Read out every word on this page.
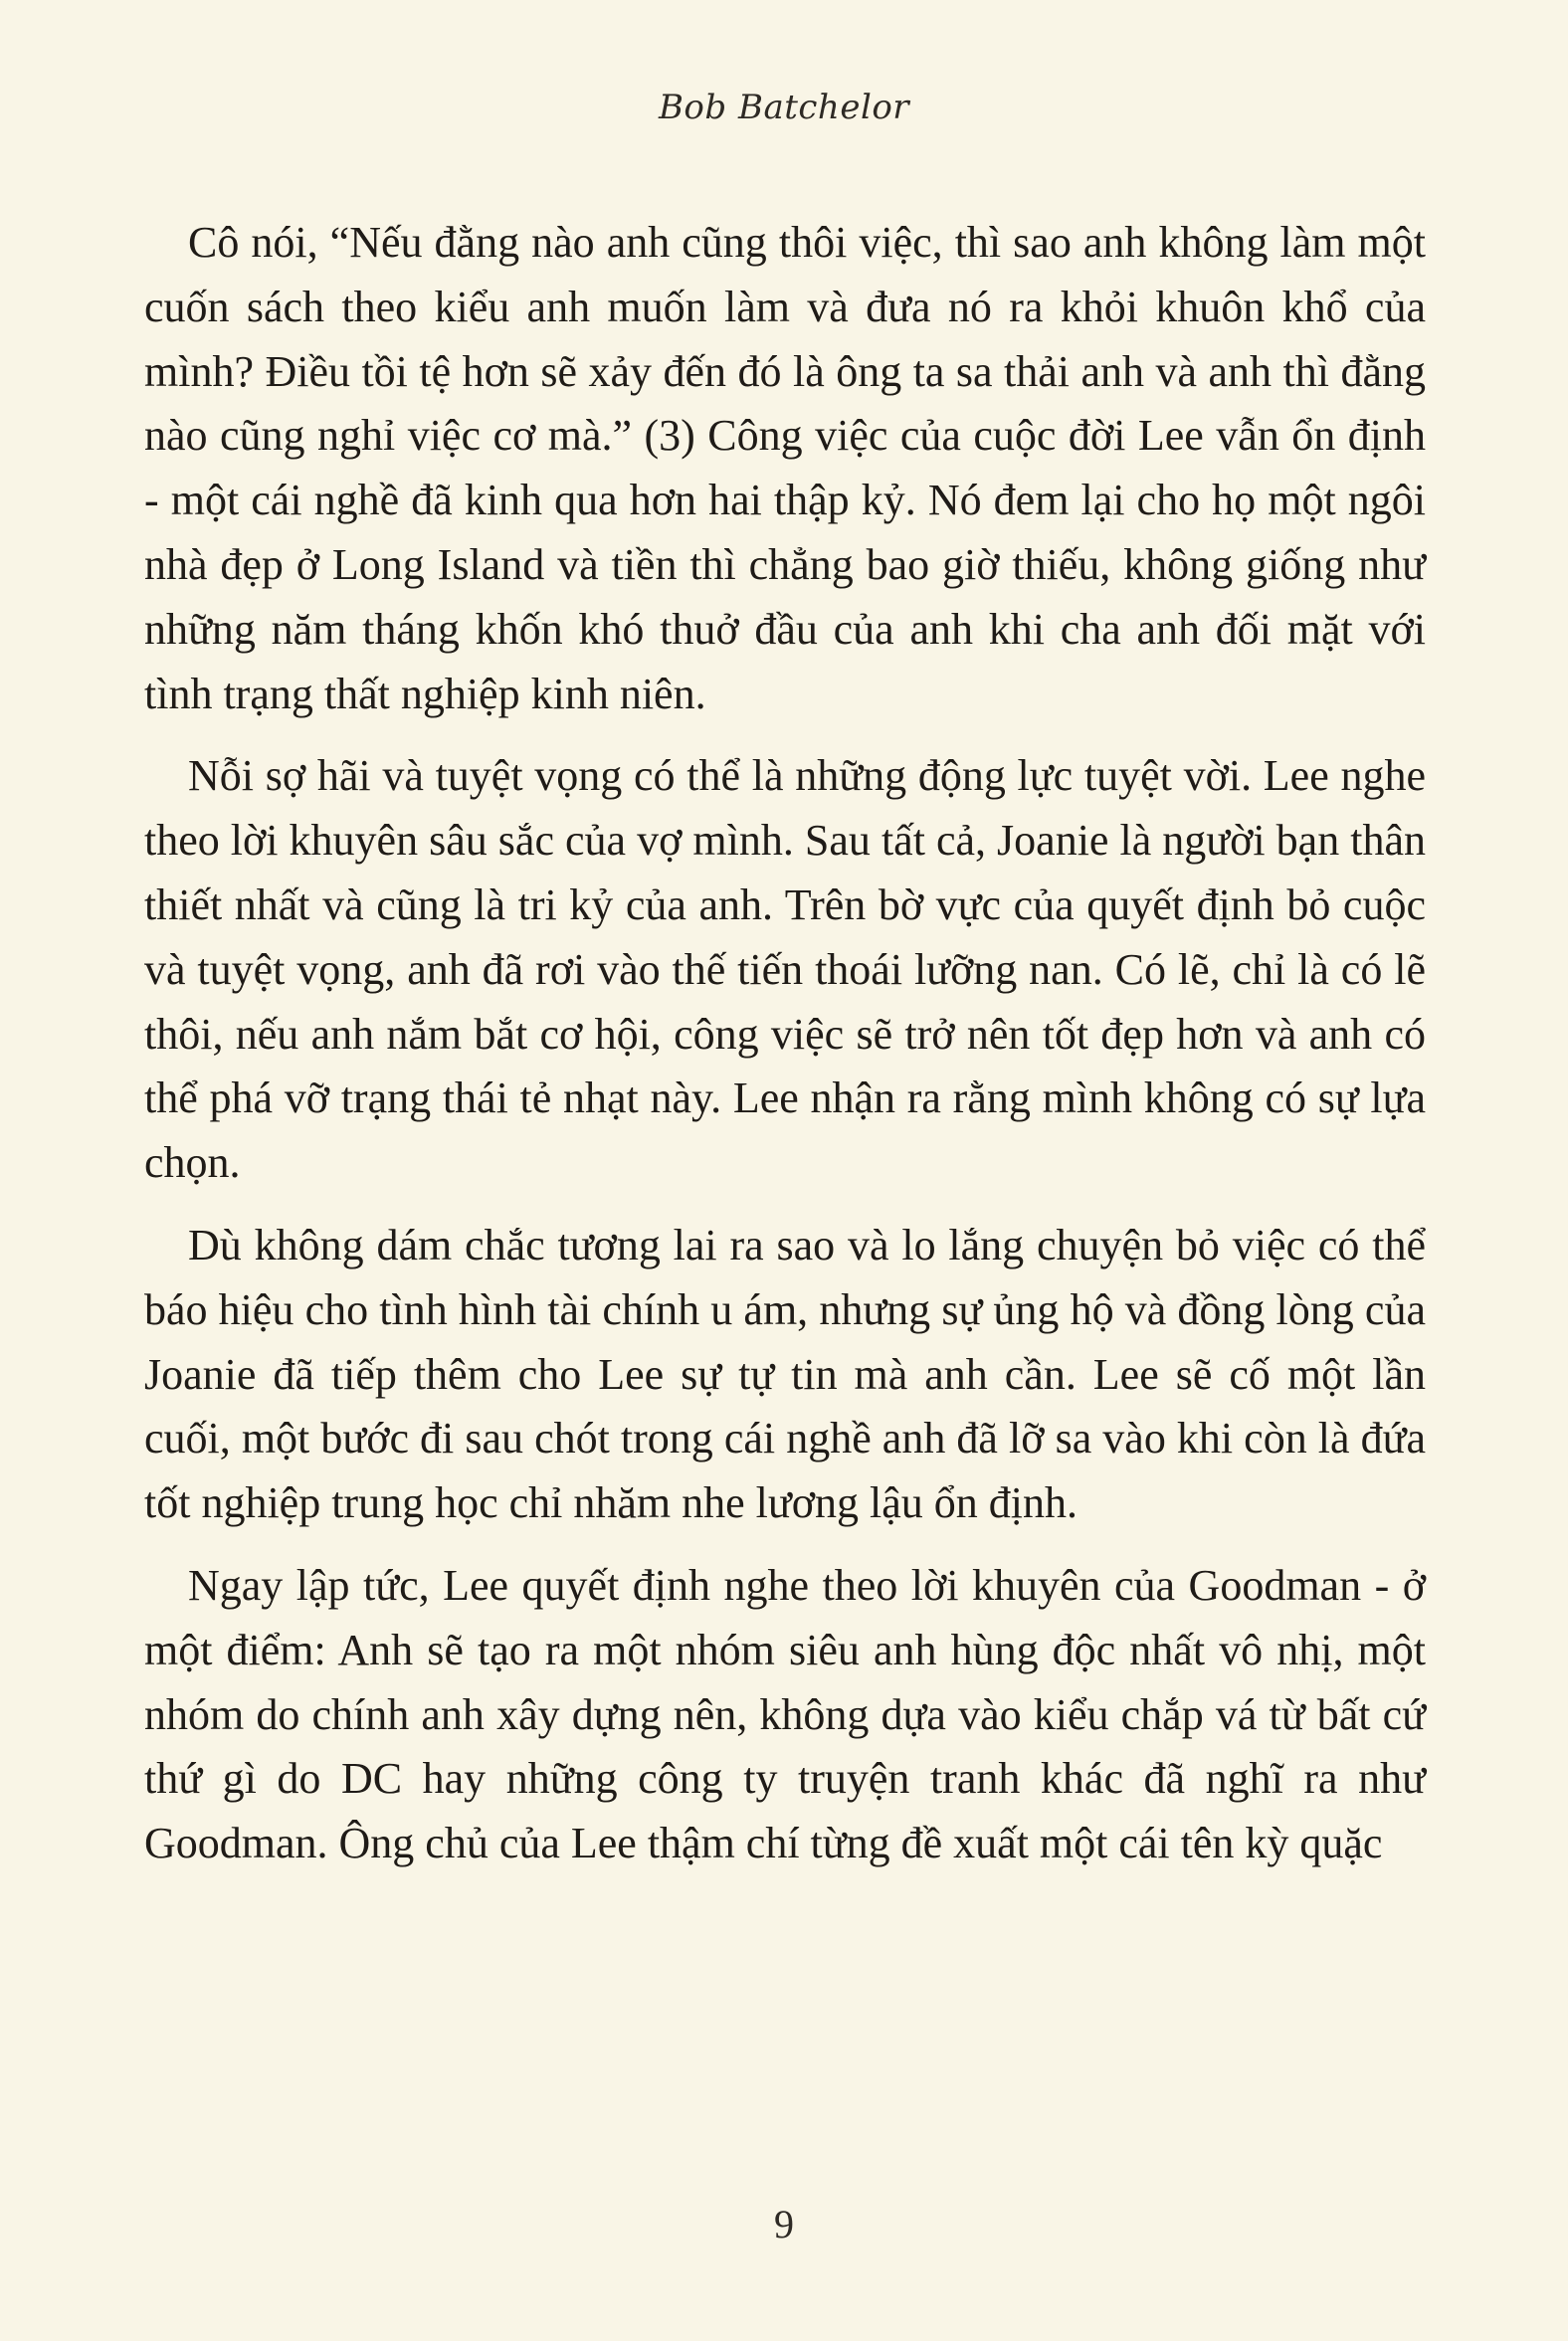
Bob Batchelor

Cô nói, “Nếu đằng nào anh cũng thôi việc, thì sao anh không làm một cuốn sách theo kiểu anh muốn làm và đưa nó ra khỏi khuôn khổ của mình? Điều tồi tệ hơn sẽ xảy đến đó là ông ta sa thải anh và anh thì đằng nào cũng nghỉ việc cơ mà.” (3) Công việc của cuộc đời Lee vẫn ổn định - một cái nghề đã kinh qua hơn hai thập kỷ. Nó đem lại cho họ một ngôi nhà đẹp ở Long Island và tiền thì chẳng bao giờ thiếu, không giống như những năm tháng khốn khó thuở đầu của anh khi cha anh đối mặt với tình trạng thất nghiệp kinh niên.

Nỗi sợ hãi và tuyệt vọng có thể là những động lực tuyệt vời. Lee nghe theo lời khuyên sâu sắc của vợ mình. Sau tất cả, Joanie là người bạn thân thiết nhất và cũng là tri kỷ của anh. Trên bờ vực của quyết định bỏ cuộc và tuyệt vọng, anh đã rơi vào thế tiến thoái lưỡng nan. Có lẽ, chỉ là có lẽ thôi, nếu anh nắm bắt cơ hội, công việc sẽ trở nên tốt đẹp hơn và anh có thể phá vỡ trạng thái tẻ nhạt này. Lee nhận ra rằng mình không có sự lựa chọn.

Dù không dám chắc tương lai ra sao và lo lắng chuyện bỏ việc có thể báo hiệu cho tình hình tài chính u ám, nhưng sự ủng hộ và đồng lòng của Joanie đã tiếp thêm cho Lee sự tự tin mà anh cần. Lee sẽ cố một lần cuối, một bước đi sau chót trong cái nghề anh đã lỡ sa vào khi còn là đứa tốt nghiệp trung học chỉ nhăm nhe lương lậu ổn định.

Ngay lập tức, Lee quyết định nghe theo lời khuyên của Goodman - ở một điểm: Anh sẽ tạo ra một nhóm siêu anh hùng độc nhất vô nhị, một nhóm do chính anh xây dựng nên, không dựa vào kiểu chắp vá từ bất cứ thứ gì do DC hay những công ty truyện tranh khác đã nghĩ ra như Goodman. Ông chủ của Lee thậm chí từng đề xuất một cái tên kỳ quặc

9
